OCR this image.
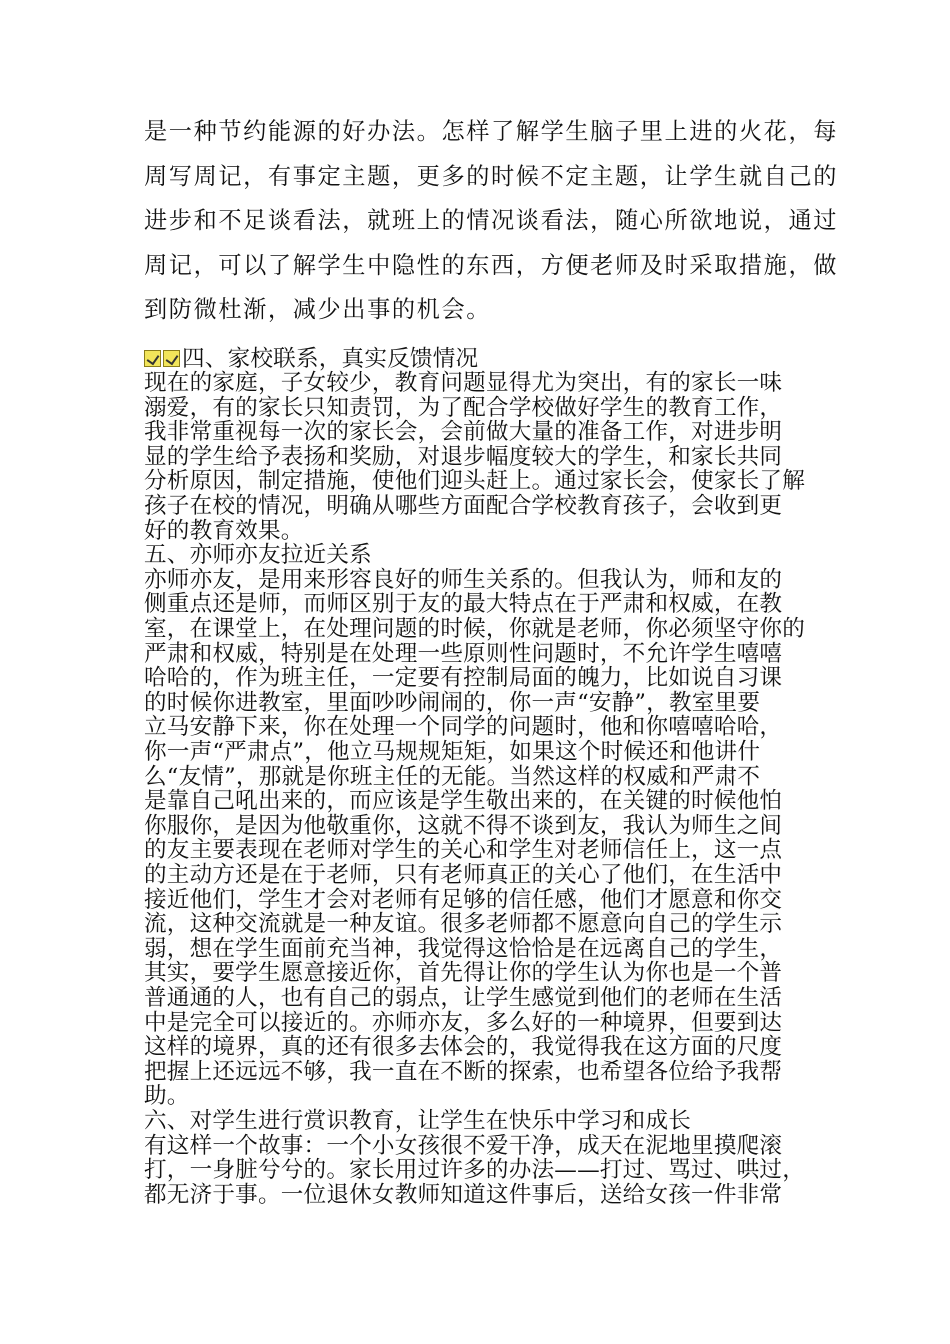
是一种节约能源的好办法。怎样了解学生脑子里上进的火花，每
周写周记，有事定主题，更多的时候不定主题，让学生就自己的
进步和不足谈看法，就班上的情况谈看法，随心所欲地说，通过
周记，可以了解学生中隐性的东西，方便老师及时采取措施，做
到防微杜渐，减少出事的机会。
四、家校联系，真实反馈情况
现在的家庭，子女较少，教育问题显得尤为突出，有的家长一味
溺爱，有的家长只知责罚，为了配合学校做好学生的教育工作，
我非常重视每一次的家长会，会前做大量的准备工作，对进步明
显的学生给予表扬和奖励，对退步幅度较大的学生，和家长共同
分析原因，制定措施，使他们迎头赶上。通过家长会，使家长了解
孩子在校的情况，明确从哪些方面配合学校教育孩子，会收到更
好的教育效果。
五、亦师亦友拉近关系
亦师亦友，是用来形容良好的师生关系的。但我认为，师和友的
侧重点还是师，而师区别于友的最大特点在于严肃和权威，在教
室，在课堂上，在处理问题的时候，你就是老师，你必须坚守你的
严肃和权威，特别是在处理一些原则性问题时，不允许学生嘻嘻
哈哈的，作为班主任，一定要有控制局面的魄力，比如说自习课
的时候你进教室，里面吵吵闹闹的，你一声“安静”，教室里要
立马安静下来，你在处理一个同学的问题时，他和你嘻嘻哈哈，
你一声“严肃点”，他立马规规矩矩，如果这个时候还和他讲什
么“友情”，那就是你班主任的无能。当然这样的权威和严肃不
是靠自己吼出来的，而应该是学生敬出来的，在关键的时候他怕
你服你，是因为他敬重你，这就不得不谈到友，我认为师生之间
的友主要表现在老师对学生的关心和学生对老师信任上，这一点
的主动方还是在于老师，只有老师真正的关心了他们，在生活中
接近他们，学生才会对老师有足够的信任感，他们才愿意和你交
流，这种交流就是一种友谊。很多老师都不愿意向自己的学生示
弱，想在学生面前充当神，我觉得这恰恰是在远离自己的学生，
其实，要学生愿意接近你，首先得让你的学生认为你也是一个普
普通通的人，也有自己的弱点，让学生感觉到他们的老师在生活
中是完全可以接近的。亦师亦友，多么好的一种境界，但要到达
这样的境界，真的还有很多去体会的，我觉得我在这方面的尺度
把握上还远远不够，我一直在不断的探索，也希望各位给予我帮
助。
六、对学生进行赏识教育，让学生在快乐中学习和成长
有这样一个故事：一个小女孩很不爱干净，成天在泥地里摸爬滚
打，一身脏兮兮的。家长用过许多的办法——打过、骂过、哄过，
都无济于事。一位退休女教师知道这件事后，送给女孩一件非常
